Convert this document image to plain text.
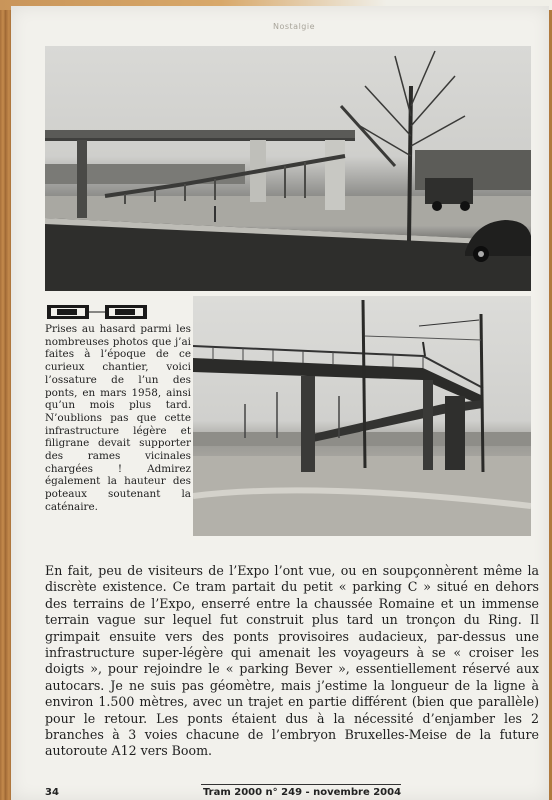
Nostalgie

Prises au hasard parmi les nombreuses photos que j’ai faites à l’époque de ce curieux chantier, voici l’ossature de l’un des ponts, en mars 1958, ainsi qu’un mois plus tard. N’oublions pas que cette infrastructure légère et filigrane devait supporter des rames vicinales chargées ! Admirez également la hauteur des poteaux soutenant la caténaire.

En fait, peu de visiteurs de l’Expo l’ont vue, ou en soupçonnèrent même la discrète existence. Ce tram partait du petit « parking C » situé en dehors des terrains de l’Expo, enserré entre la chaussée Romaine et un immense terrain vague sur lequel fut construit plus tard un tronçon du Ring. Il grimpait ensuite vers des ponts provisoires audacieux, par-dessus une infrastructure super-légère qui amenait les voyageurs à se « croiser les doigts », pour rejoindre le « parking Bever », essentiellement réservé aux autocars. Je ne suis pas géomètre, mais j’estime la longueur de la ligne à environ 1.500 mètres, avec un trajet en partie différent (bien que parallèle) pour le retour. Les ponts étaient dus à la nécessité d’enjamber les 2 branches à 3 voies chacune de l’embryon Bruxelles-Meise de la future autoroute A12 vers Boom.

34	Tram 2000 n° 249 - novembre 2004
